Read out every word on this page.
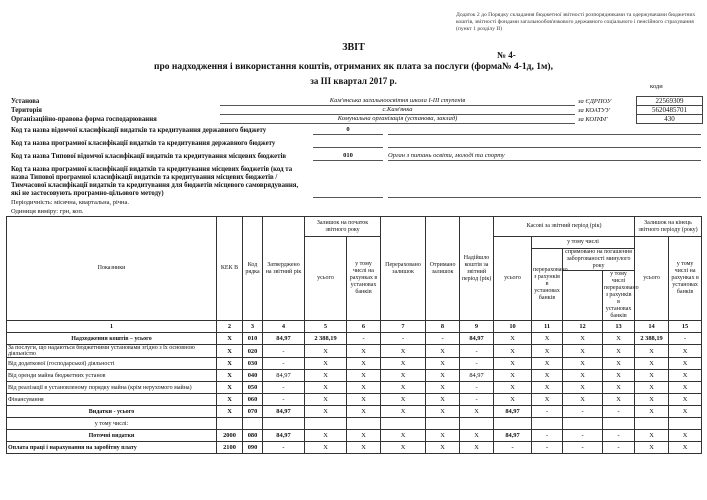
Додаток 2 до Порядку складання бюджетної звітності розпорядниками та одержувачами бюджетних коштів, звітності фондами загальнообов'язкового державного соціального і пенсійного страхування (пункт 1 розділу II)
ЗВІТ
№ 4-
про надходження і використання коштів, отриманих як плата за послуги (форма№ 4-1д, 1м),
за III квартал 2017 р.
коди
Установа	Кам'янська загальноосвітня школа І-ІІІ ступенів	за ЄДРПОУ	22569309
Територія	с.Кам'янка	за КОАТУУ	5620485701
Організаційно-правова форма господарювання	Комунальна організація (установа, заклад)	за КОПФГ	430
Код та назва відомчої класифікації видатків та кредитування державного бюджету	0
Код та назва програмної класифікації видатків та кредитування державного бюджету
Код та назва Типової відомчої класифікації видатків та кредитування місцевих бюджетів	010	Орган з питань освіти, молоді та спорту
Код та назва програмної класифікації видатків та кредитування місцевих бюджетів (код та назва Типової програмної класифікації видатків та кредитування місцевих бюджетів / Тимчасової класифікації видатків та кредитування для бюджетів місцевого самоврядування, які не застосовують програмно-цільового методу)
Періодичність: місячна, квартальна, річна.
Одиниця виміру: грн, коп.
Показники	КЕК В	Код рядка	Затверджено на звітний рік	Залишок на початок звітного року		Перераховано залишок	Отримано залишок	Надійшло коштів за звітний період (рік)	Касові за звітний період (рік)				Залишок на кінець звітного періоду (року)	
				усього	у тому числі на рахунках в установах банків				усього	у тому числі			усього	у тому числі на рахунках в установах банків
										перераховано з рахунків в установах банків	спрямовано на погашення заборгованості минулого року			
												у тому числі перераховано з рахунків в установах банків		
1	2	3	4	5	6	7	8	9	10	11	12	13	14	15
Надходження коштів – усього	X	010	84,97	2 388,19	-	-	-	84,97	X	X	X	X	2 388,19	-
За послуги, що надаються бюджетними установами згідно з їх основною діяльністю	X	020	-	X	X	X	X	-	X	X	X	X	X	X
Від додаткової (господарської) діяльності	X	030	-	X	X	X	X	-	X	X	X	X	X	X
Від оренди майна бюджетних установ	X	040	84,97	X	X	X	X	84,97	X	X	X	X	X	X
Від реалізації в установленому порядку майна (крім нерухомого майна)	X	050	-	X	X	X	X	-	X	X	X	X	X	X
Фінансування	X	060	-	X	X	X	X	-	X	X	X	X	X	X
Видатки - усього	X	070	84,97	X	X	X	X	X	84,97	-	-	-	X	X
у тому числі:														
Поточні видатки	2000	080	84,97	X	X	X	X	X	84,97	-	-	-	X	X
Оплата праці і нарахування на заробітну плату	2100	090	-	X	X	X	X	X	-	-	-	-	X	X
